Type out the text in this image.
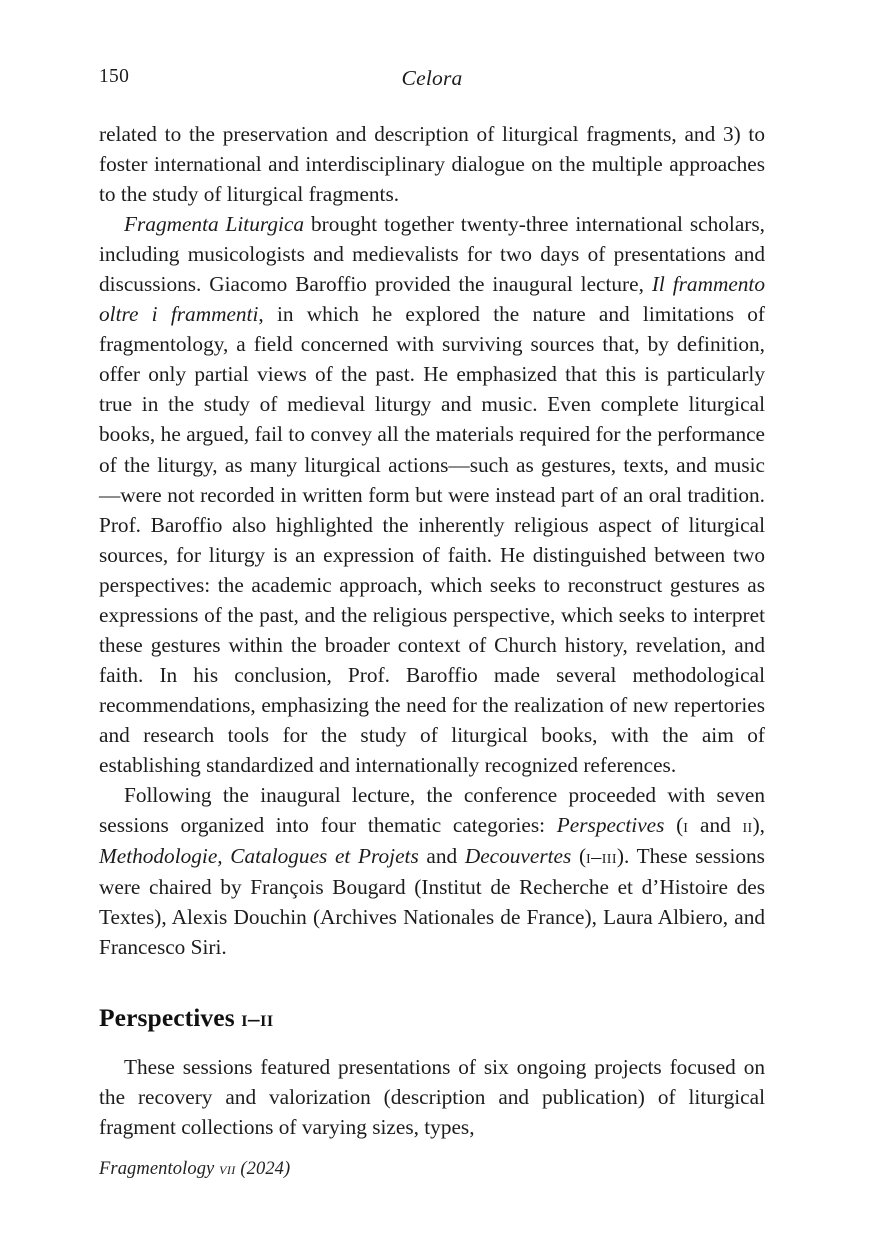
150	Celora

related to the preservation and description of liturgical fragments, and 3) to foster international and interdisciplinary dialogue on the multiple approaches to the study of liturgical fragments.

Fragmenta Liturgica brought together twenty-three international scholars, including musicologists and medievalists for two days of presentations and discussions. Giacomo Baroffio provided the inaugural lecture, Il frammento oltre i frammenti, in which he explored the nature and limitations of fragmentology, a field concerned with surviving sources that, by definition, offer only partial views of the past. He emphasized that this is particularly true in the study of medieval liturgy and music. Even complete liturgical books, he argued, fail to convey all the materials required for the performance of the liturgy, as many liturgical actions—such as gestures, texts, and music—were not recorded in written form but were instead part of an oral tradition. Prof. Baroffio also highlighted the inherently religious aspect of liturgical sources, for liturgy is an expression of faith. He distinguished between two perspectives: the academic approach, which seeks to reconstruct gestures as expressions of the past, and the religious perspective, which seeks to interpret these gestures within the broader context of Church history, revelation, and faith. In his conclusion, Prof. Baroffio made several methodological recommendations, emphasizing the need for the realization of new repertories and research tools for the study of liturgical books, with the aim of establishing standardized and internationally recognized references.

Following the inaugural lecture, the conference proceeded with seven sessions organized into four thematic categories: Perspectives (i and ii), Methodologie, Catalogues et Projets and Decouvertes (i–iii). These sessions were chaired by François Bougard (Institut de Recherche et d’Histoire des Textes), Alexis Douchin (Archives Nationales de France), Laura Albiero, and Francesco Siri.

Perspectives i–ii

These sessions featured presentations of six ongoing projects focused on the recovery and valorization (description and publication) of liturgical fragment collections of varying sizes, types,

Fragmentology vii (2024)
